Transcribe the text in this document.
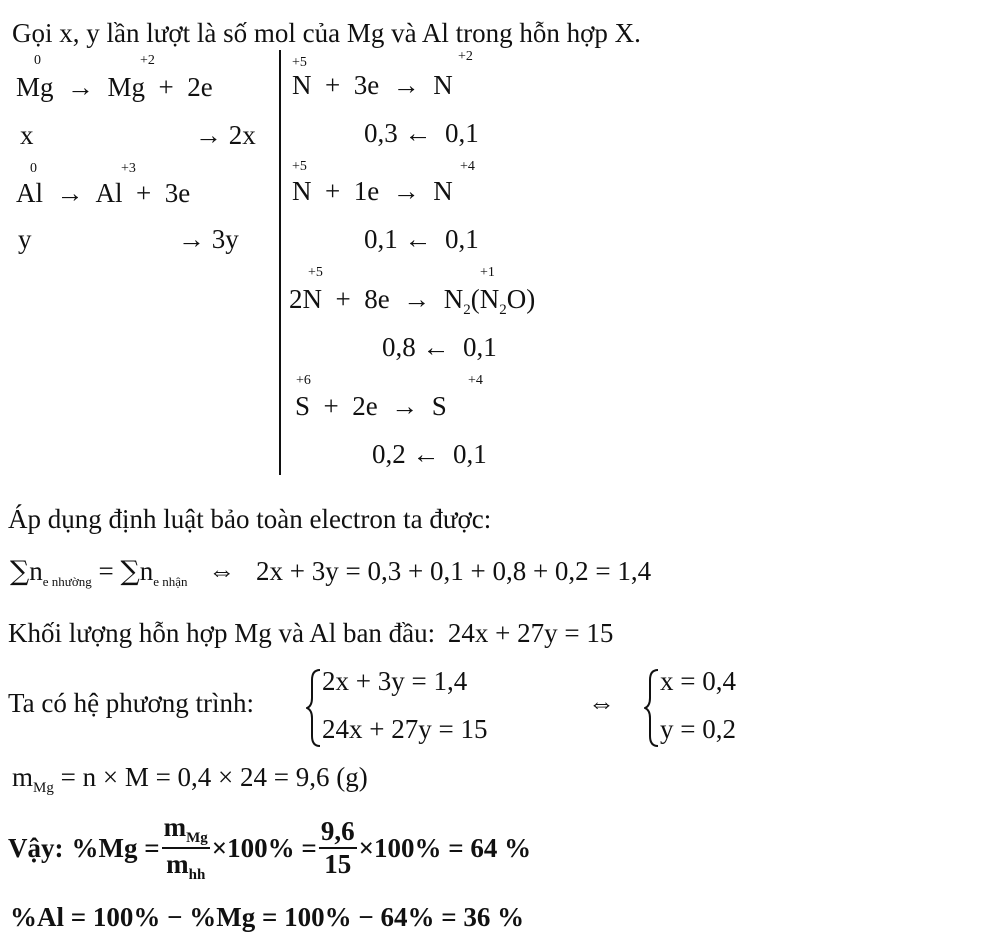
Gọi x, y lần lượt là số mol của Mg và Al trong hỗn hợp X.
0	+2
Mg  →  Mg  +  2e
x	→ 2x
0	+3
Al  →  Al  +  3e
y	→ 3y
+5	+2
N  +  3e  →  N
0,3 ←  0,1
+5	+4
N  +  1e  →  N
0,1 ←  0,1
+5	+1
$2N + 8e \to N_2(N_2O)$
0,8 ←  0,1
+6	+4
S  +  2e  →  S
0,2 ←  0,1
Áp dụng định luật bảo toàn electron ta được:
$\sum n_{e nhường} = \sum n_{e nhận}$ ⇔ 2x + 3y = 0,3 + 0,1 + 0,8 + 0,2 = 1,4
Khối lượng hỗn hợp Mg và Al ban đầu: 24x + 27y = 15
Ta có hệ phương trình:
2x + 3y = 1,4
24x + 27y = 15
⇔
x = 0,4
y = 0,2
$m_{Mg} = n \times M = 0,4 \times 24 = 9,6$ (g)
Vậy: $\%Mg = \frac{m_{Mg}}{m_{hh}} \times 100\% = \frac{9,6}{15} \times 100\% = 64$ %
%Al = 100% − %Mg = 100% − 64% = 36 %
